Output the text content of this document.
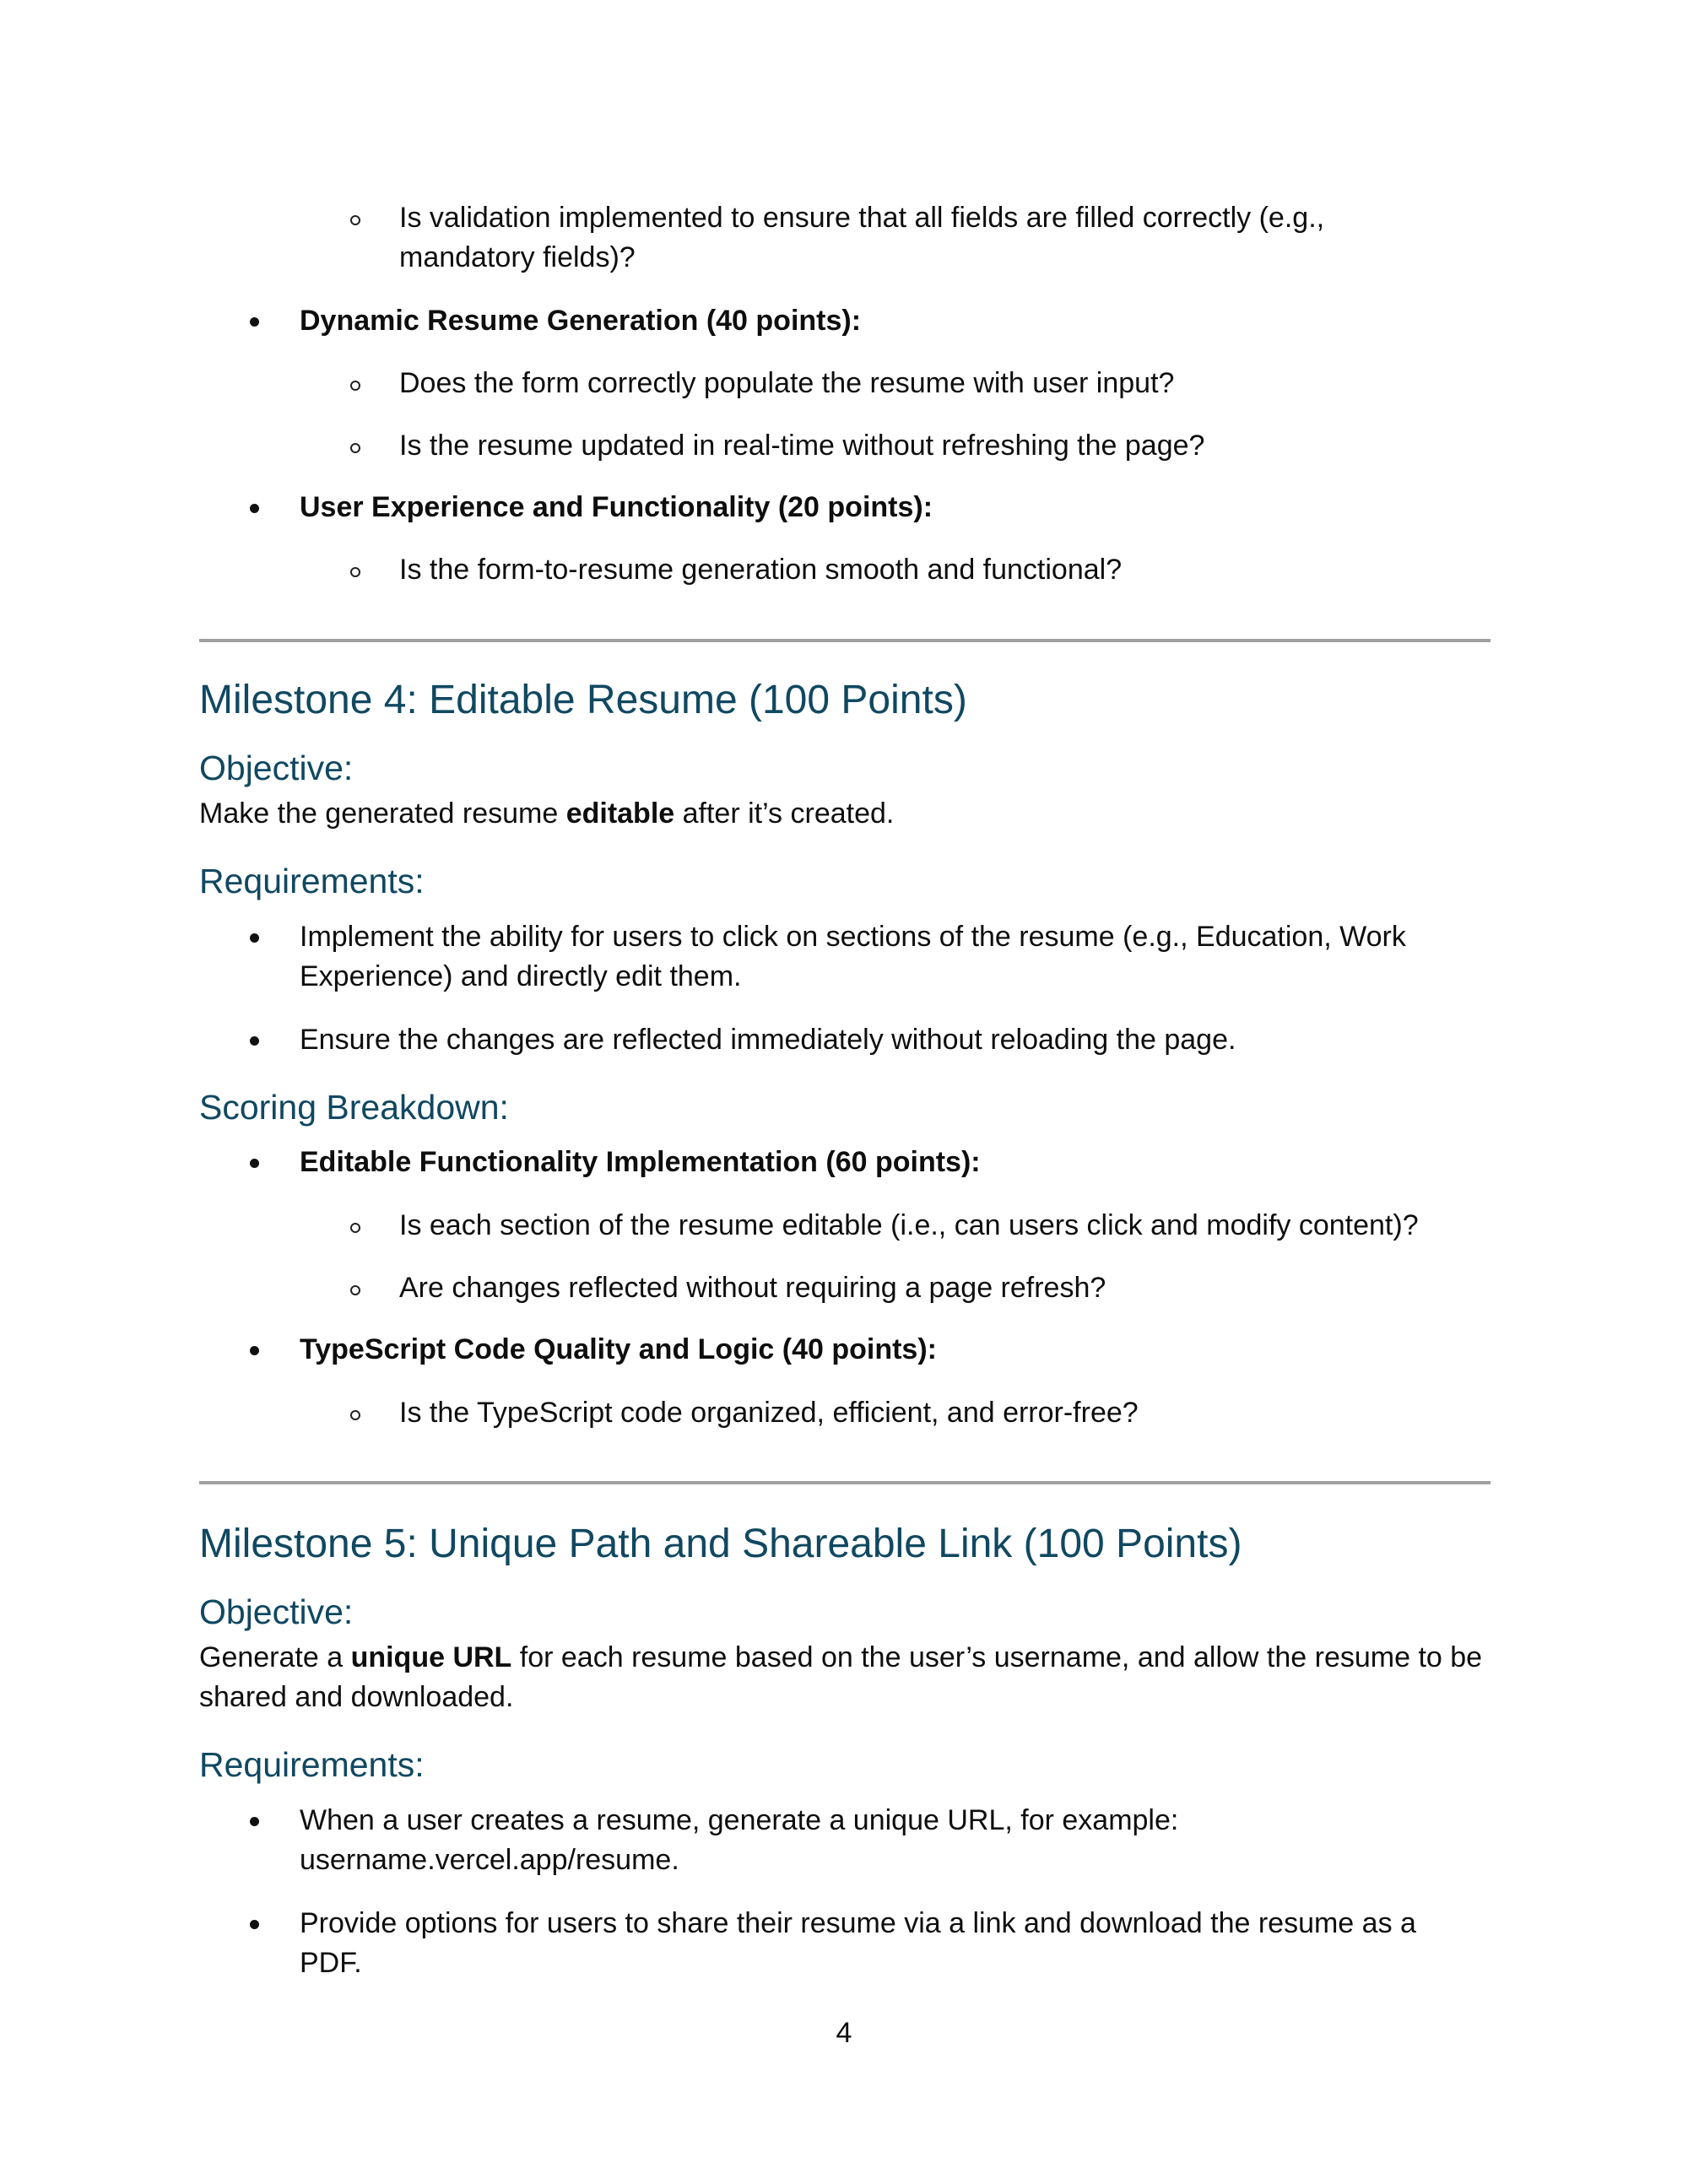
Is validation implemented to ensure that all fields are filled correctly (e.g.,
mandatory fields)?
Dynamic Resume Generation (40 points):
Does the form correctly populate the resume with user input?
Is the resume updated in real-time without refreshing the page?
User Experience and Functionality (20 points):
Is the form-to-resume generation smooth and functional?
Milestone 4: Editable Resume (100 Points)
Objective:
Make the generated resume editable after it’s created.
Requirements:
Implement the ability for users to click on sections of the resume (e.g., Education, Work
Experience) and directly edit them.
Ensure the changes are reflected immediately without reloading the page.
Scoring Breakdown:
Editable Functionality Implementation (60 points):
Is each section of the resume editable (i.e., can users click and modify content)?
Are changes reflected without requiring a page refresh?
TypeScript Code Quality and Logic (40 points):
Is the TypeScript code organized, efficient, and error-free?
Milestone 5: Unique Path and Shareable Link (100 Points)
Objective:
Generate a unique URL for each resume based on the user’s username, and allow the resume to be
shared and downloaded.
Requirements:
When a user creates a resume, generate a unique URL, for example:
username.vercel.app/resume.
Provide options for users to share their resume via a link and download the resume as a
PDF.
4
